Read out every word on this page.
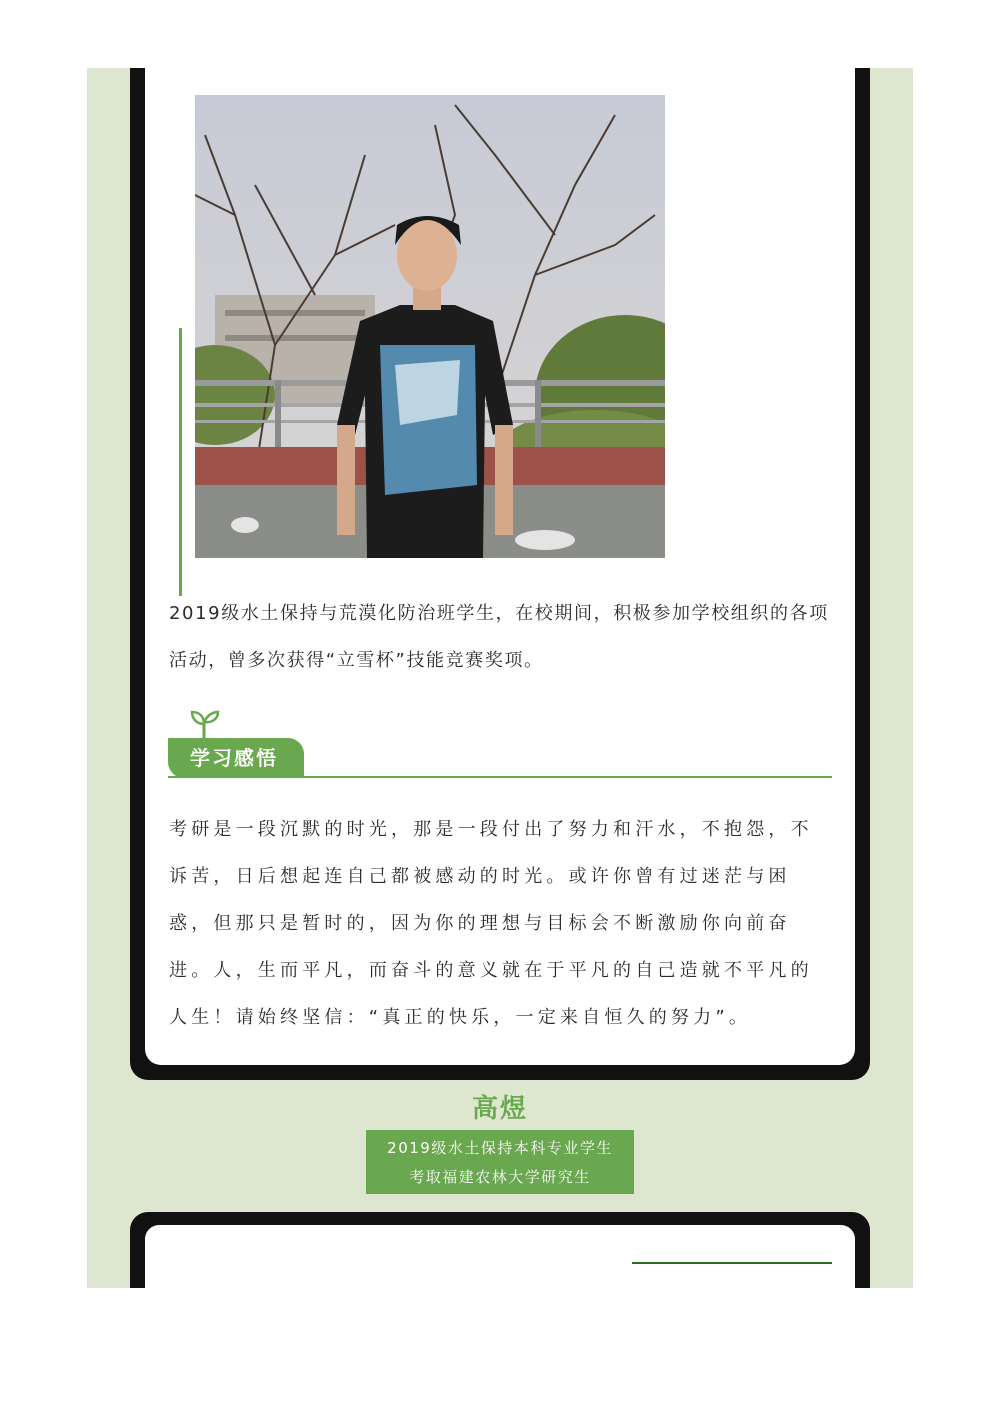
2019级水土保持与荒漠化防治班学生，在校期间，积极参加学校组织的各项活动，曾多次获得“立雪杯”技能竞赛奖项。
学习感悟
考研是一段沉默的时光，那是一段付出了努力和汗水，不抱怨，不诉苦，日后想起连自己都被感动的时光。或许你曾有过迷茫与困惑，但那只是暂时的，因为你的理想与目标会不断激励你向前奋进。人，生而平凡，而奋斗的意义就在于平凡的自己造就不平凡的人生！请始终坚信：“真正的快乐，一定来自恒久的努力”。
高煜
2019级水土保持本科专业学生
考取福建农林大学研究生
